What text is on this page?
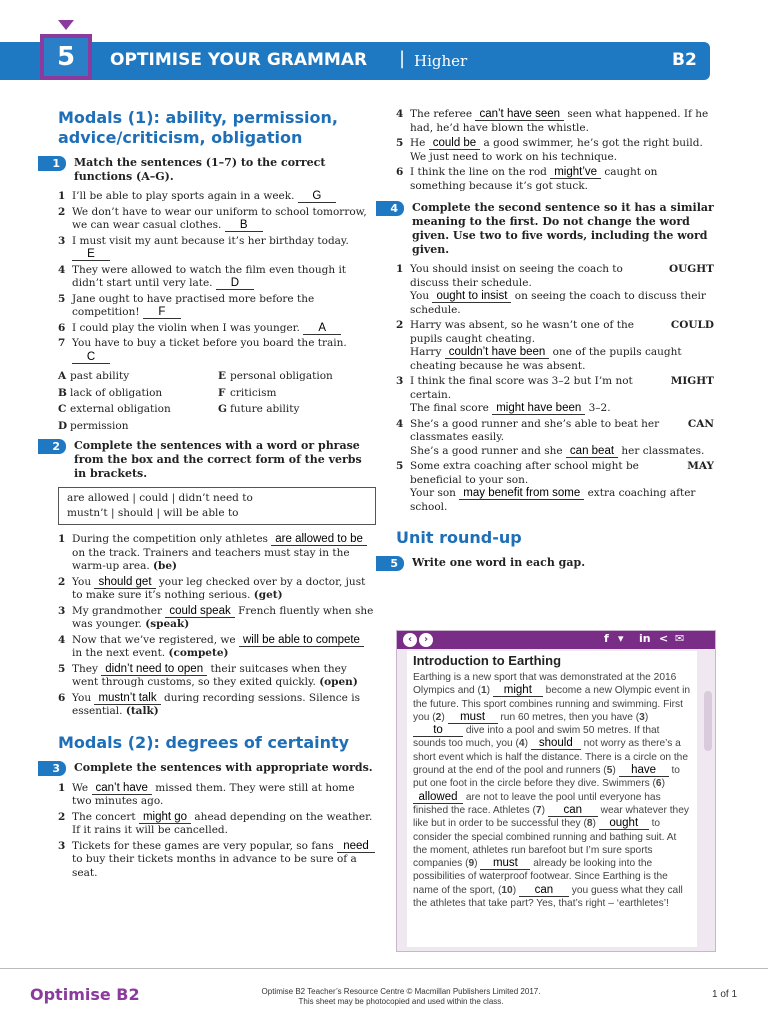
5	OPTIMISE YOUR GRAMMAR | Higher	B2
Modals (1): ability, permission,
advice/criticism, obligation
1	Match the sentences (1–7) to the correct functions (A–G).
1 I’ll be able to play sports again in a week. G
2 We don’t have to wear our uniform to school tomorrow, we can wear casual clothes. B
3 I must visit my aunt because it’s her birthday today. E
4 They were allowed to watch the film even though it didn’t start until very late. D
5 Jane ought to have practised more before the competition! F
6 I could play the violin when I was younger. A
7 You have to buy a ticket before you board the train. C
A past ability	E personal obligation
B lack of obligation	F criticism
C external obligation	G future ability
D permission
2	Complete the sentences with a word or phrase from the box and the correct form of the verbs in brackets.
are allowed | could | didn’t need to
mustn’t | should | will be able to
1 During the competition only athletes are allowed to be on the track. Trainers and teachers must stay in the warm-up area. (be)
2 You should get your leg checked over by a doctor, just to make sure it’s nothing serious. (get)
3 My grandmother could speak French fluently when she was younger. (speak)
4 Now that we’ve registered, we will be able to compete in the next event. (compete)
5 They didn’t need to open their suitcases when they went through customs, so they exited quickly. (open)
6 You mustn’t talk during recording sessions. Silence is essential. (talk)
Modals (2): degrees of certainty
3	Complete the sentences with appropriate words.
1 We can’t have missed them. They were still at home two minutes ago.
2 The concert might go ahead depending on the weather. If it rains it will be cancelled.
3 Tickets for these games are very popular, so fans need to buy their tickets months in advance to be sure of a seat.
4 The referee can’t have seen seen what happened. If he had, he’d have blown the whistle.
5 He could be a good swimmer, he’s got the right build. We just need to work on his technique.
6 I think the line on the rod might’ve caught on something because it’s got stuck.
4	Complete the second sentence so it has a similar meaning to the first. Do not change the word given. Use two to five words, including the word given.
1	OUGHT
You should insist on seeing the coach to discuss their schedule.
You ought to insist on seeing the coach to discuss their schedule.
2	COULD
Harry was absent, so he wasn’t one of the pupils caught cheating.
Harry couldn’t have been one of the pupils caught cheating because he was absent.
3	MIGHT
I think the final score was 3–2 but I’m not certain.
The final score might have been 3–2.
4	CAN
She’s a good runner and she’s able to beat her classmates easily.
She’s a good runner and she can beat her classmates.
5	MAY
Some extra coaching after school might be beneficial to your son.
Your son may benefit from some extra coaching after school.
Unit round-up
5	Write one word in each gap.
‹	›	f ▾ in < ✉
Introduction to Earthing
Earthing is a new sport that was demonstrated at the 2016 Olympics and (1) might become a new Olympic event in the future. This sport combines running and swimming. First you (2) must run 60 metres, then you have (3) to dive into a pool and swim 50 metres. If that sounds too much, you (4) should not worry as there’s a short event which is half the distance. There is a circle on the ground at the end of the pool and runners (5) have to put one foot in the circle before they dive. Swimmers (6) allowed are not to leave the pool until everyone has finished the race. Athletes (7) can wear whatever they like but in order to be successful they (8) ought to consider the special combined running and bathing suit. At the moment, athletes run barefoot but I’m sure sports companies (9) must already be looking into the possibilities of waterproof footwear. Since Earthing is the name of the sport, (10) can you guess what they call the athletes that take part? Yes, that’s right – ‘earthletes’!
Optimise B2	Optimise B2 Teacher’s Resource Centre © Macmillan Publishers Limited 2017.
This sheet may be photocopied and used within the class.
1 of 1
